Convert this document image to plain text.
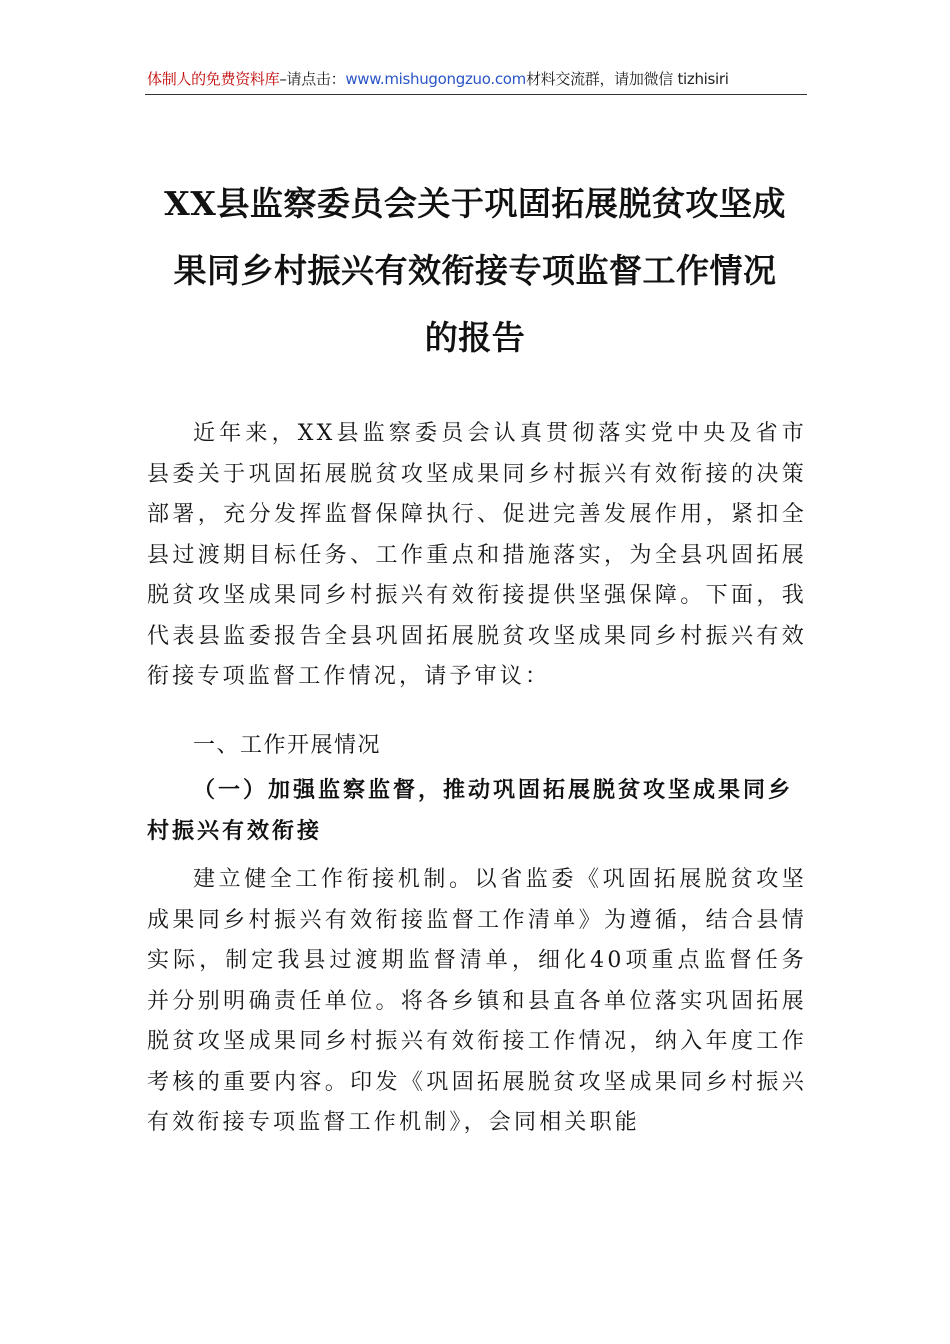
体制人的免费资料库–请点击：www.mishugongzuo.com材料交流群，请加微信 tizhisiri
XX县监察委员会关于巩固拓展脱贫攻坚成
果同乡村振兴有效衔接专项监督工作情况
的报告
近年来，XX县监察委员会认真贯彻落实党中央及省市县委关于巩固拓展脱贫攻坚成果同乡村振兴有效衔接的决策部署，充分发挥监督保障执行、促进完善发展作用，紧扣全县过渡期目标任务、工作重点和措施落实，为全县巩固拓展脱贫攻坚成果同乡村振兴有效衔接提供坚强保障。下面，我代表县监委报告全县巩固拓展脱贫攻坚成果同乡村振兴有效衔接专项监督工作情况，请予审议：
一、工作开展情况
（一）加强监察监督，推动巩固拓展脱贫攻坚成果同乡村振兴有效衔接
建立健全工作衔接机制。以省监委《巩固拓展脱贫攻坚成果同乡村振兴有效衔接监督工作清单》为遵循，结合县情实际，制定我县过渡期监督清单，细化40项重点监督任务并分别明确责任单位。将各乡镇和县直各单位落实巩固拓展脱贫攻坚成果同乡村振兴有效衔接工作情况，纳入年度工作考核的重要内容。印发《巩固拓展脱贫攻坚成果同乡村振兴有效衔接专项监督工作机制》，会同相关职能
